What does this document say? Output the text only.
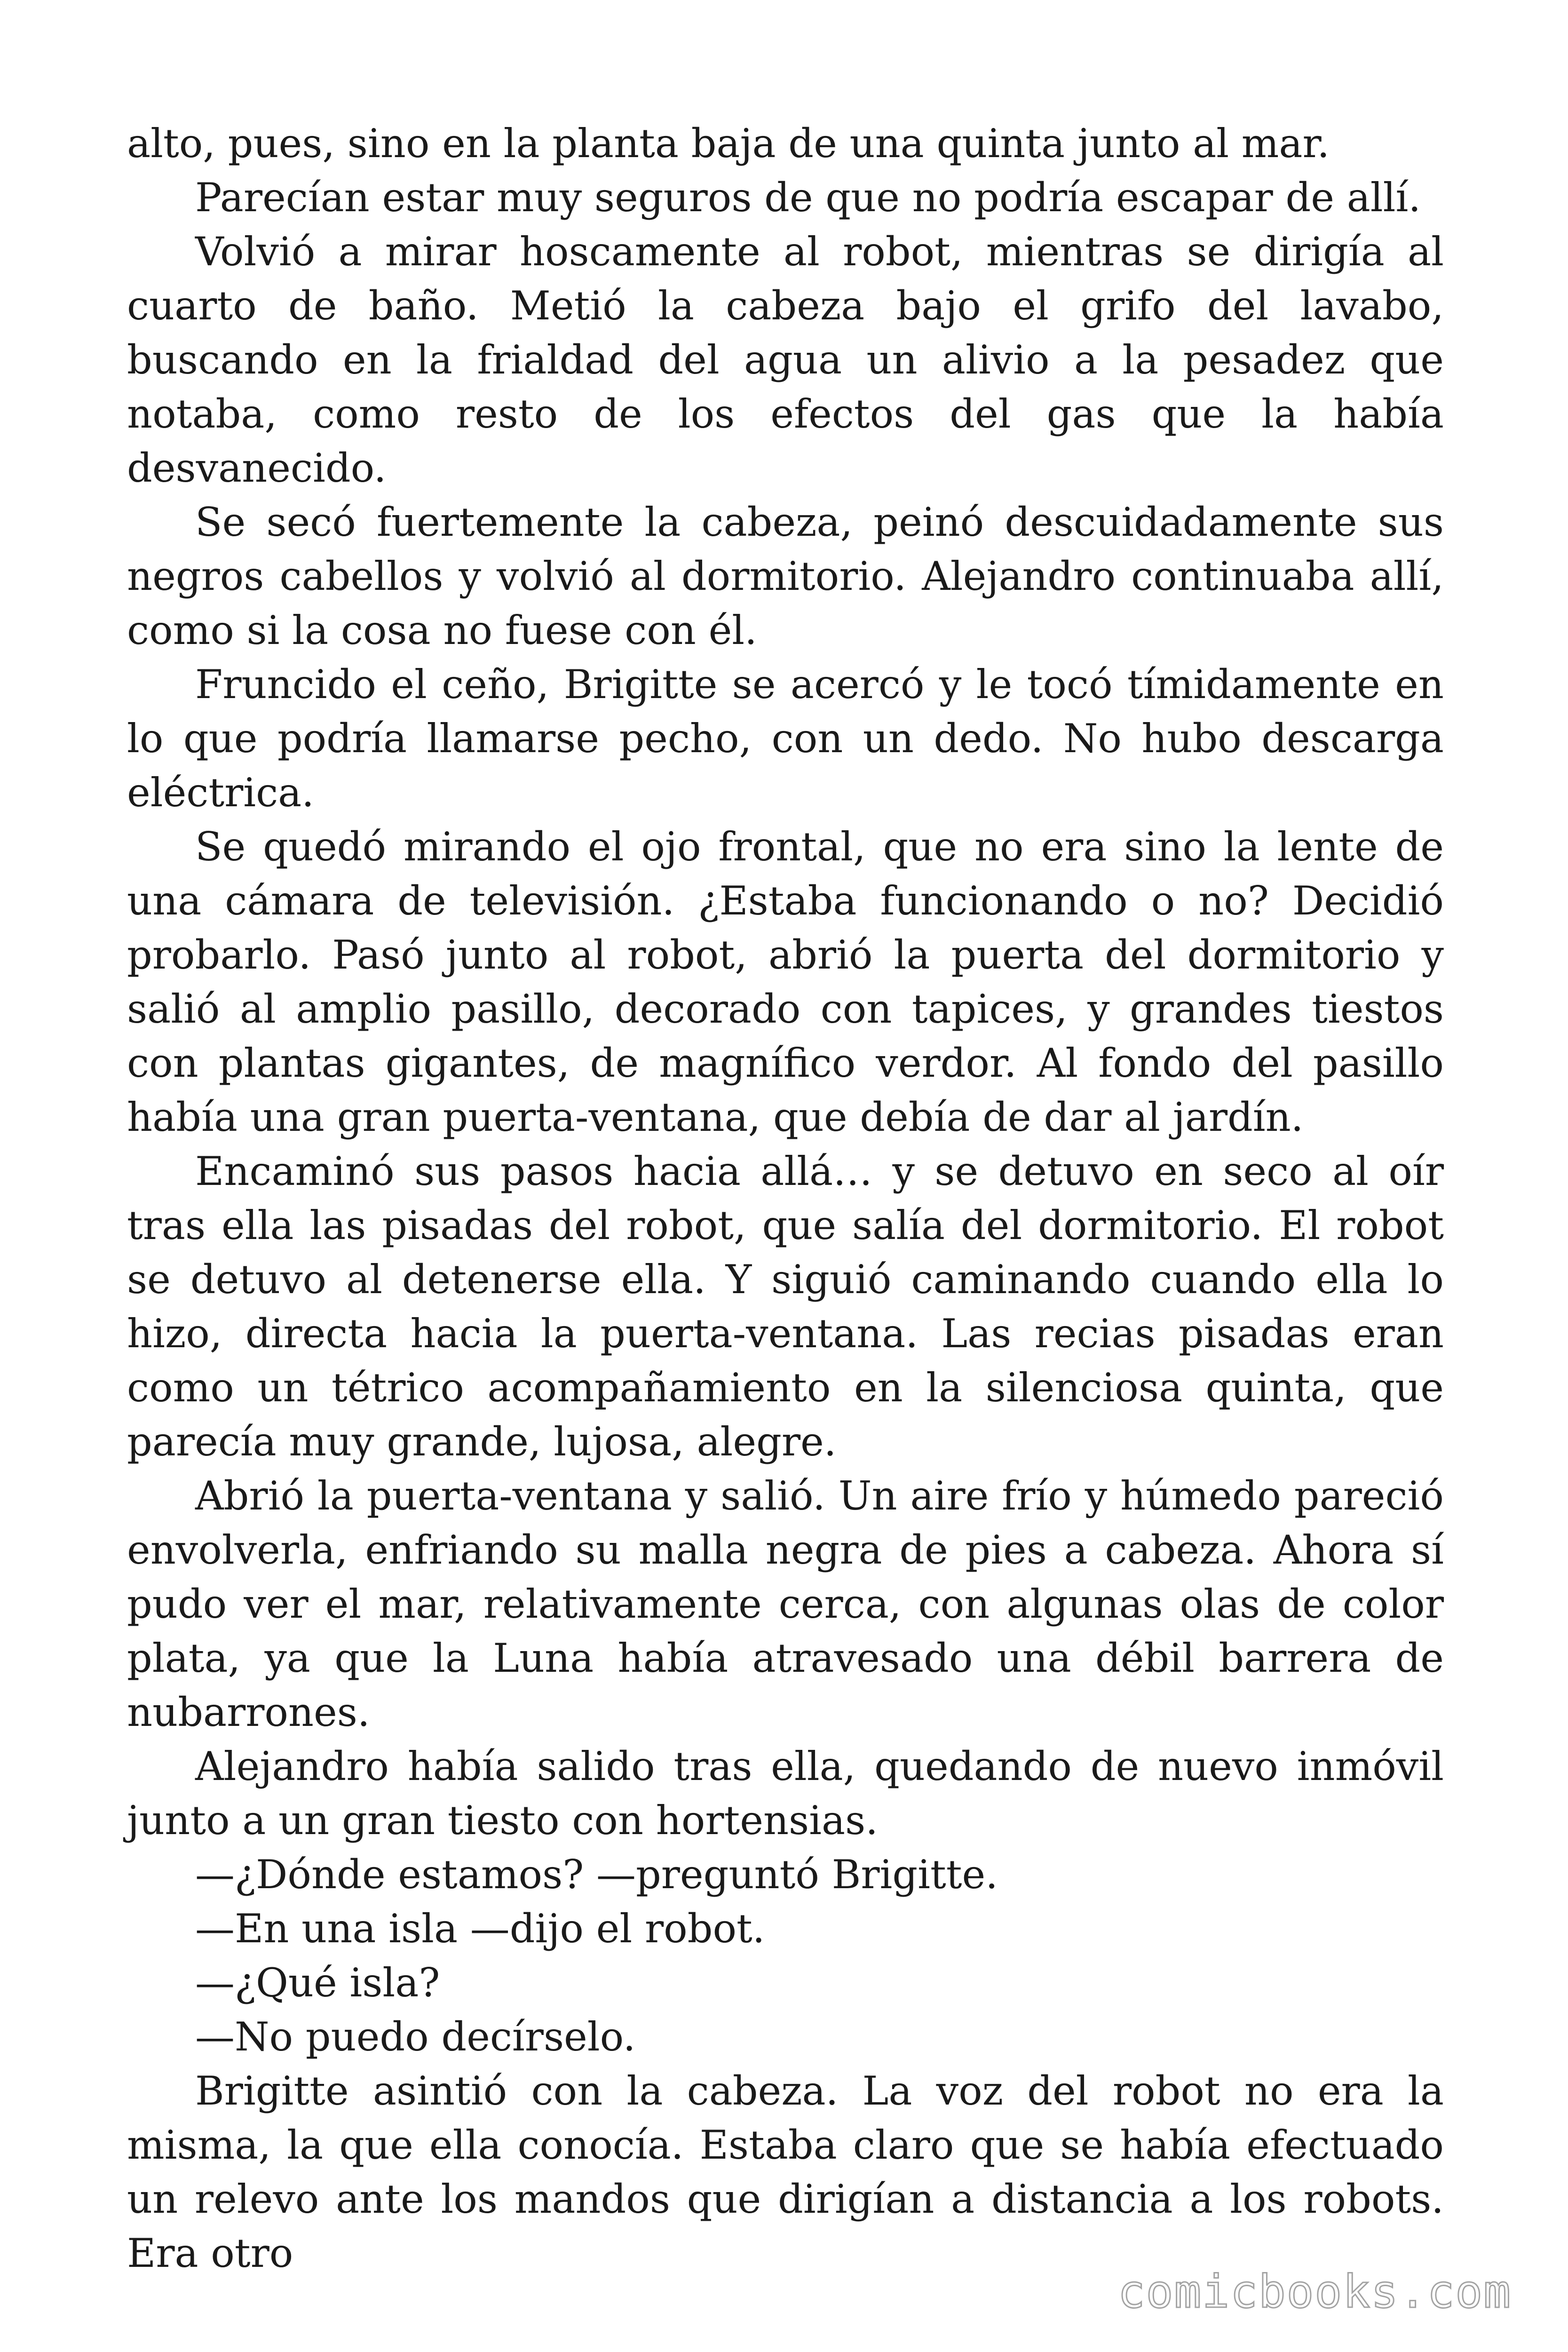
alto, pues, sino en la planta baja de una quinta junto al mar.

Parecían estar muy seguros de que no podría escapar de allí.

Volvió a mirar hoscamente al robot, mientras se dirigía al cuarto de baño. Metió la cabeza bajo el grifo del lavabo, buscando en la frialdad del agua un alivio a la pesadez que notaba, como resto de los efectos del gas que la había desvanecido.

Se secó fuertemente la cabeza, peinó descuidadamente sus negros cabellos y volvió al dormitorio. Alejandro continuaba allí, como si la cosa no fuese con él.

Fruncido el ceño, Brigitte se acercó y le tocó tímidamente en lo que podría llamarse pecho, con un dedo. No hubo descarga eléctrica.

Se quedó mirando el ojo frontal, que no era sino la lente de una cámara de televisión. ¿Estaba funcionando o no? Decidió probarlo. Pasó junto al robot, abrió la puerta del dormitorio y salió al amplio pasillo, decorado con tapices, y grandes tiestos con plantas gigantes, de magnífico verdor. Al fondo del pasillo había una gran puerta-ventana, que debía de dar al jardín.

Encaminó sus pasos hacia allá… y se detuvo en seco al oír tras ella las pisadas del robot, que salía del dormitorio. El robot se detuvo al detenerse ella. Y siguió caminando cuando ella lo hizo, directa hacia la puerta-ventana. Las recias pisadas eran como un tétrico acompañamiento en la silenciosa quinta, que parecía muy grande, lujosa, alegre.

Abrió la puerta-ventana y salió. Un aire frío y húmedo pareció envolverla, enfriando su malla negra de pies a cabeza. Ahora sí pudo ver el mar, relativamente cerca, con algunas olas de color plata, ya que la Luna había atravesado una débil barrera de nubarrones.

Alejandro había salido tras ella, quedando de nuevo inmóvil junto a un gran tiesto con hortensias.

—¿Dónde estamos? —preguntó Brigitte.

—En una isla —dijo el robot.

—¿Qué isla?

—No puedo decírselo.

Brigitte asintió con la cabeza. La voz del robot no era la misma, la que ella conocía. Estaba claro que se había efectuado un relevo ante los mandos que dirigían a distancia a los robots. Era otro

comicbooks.com
